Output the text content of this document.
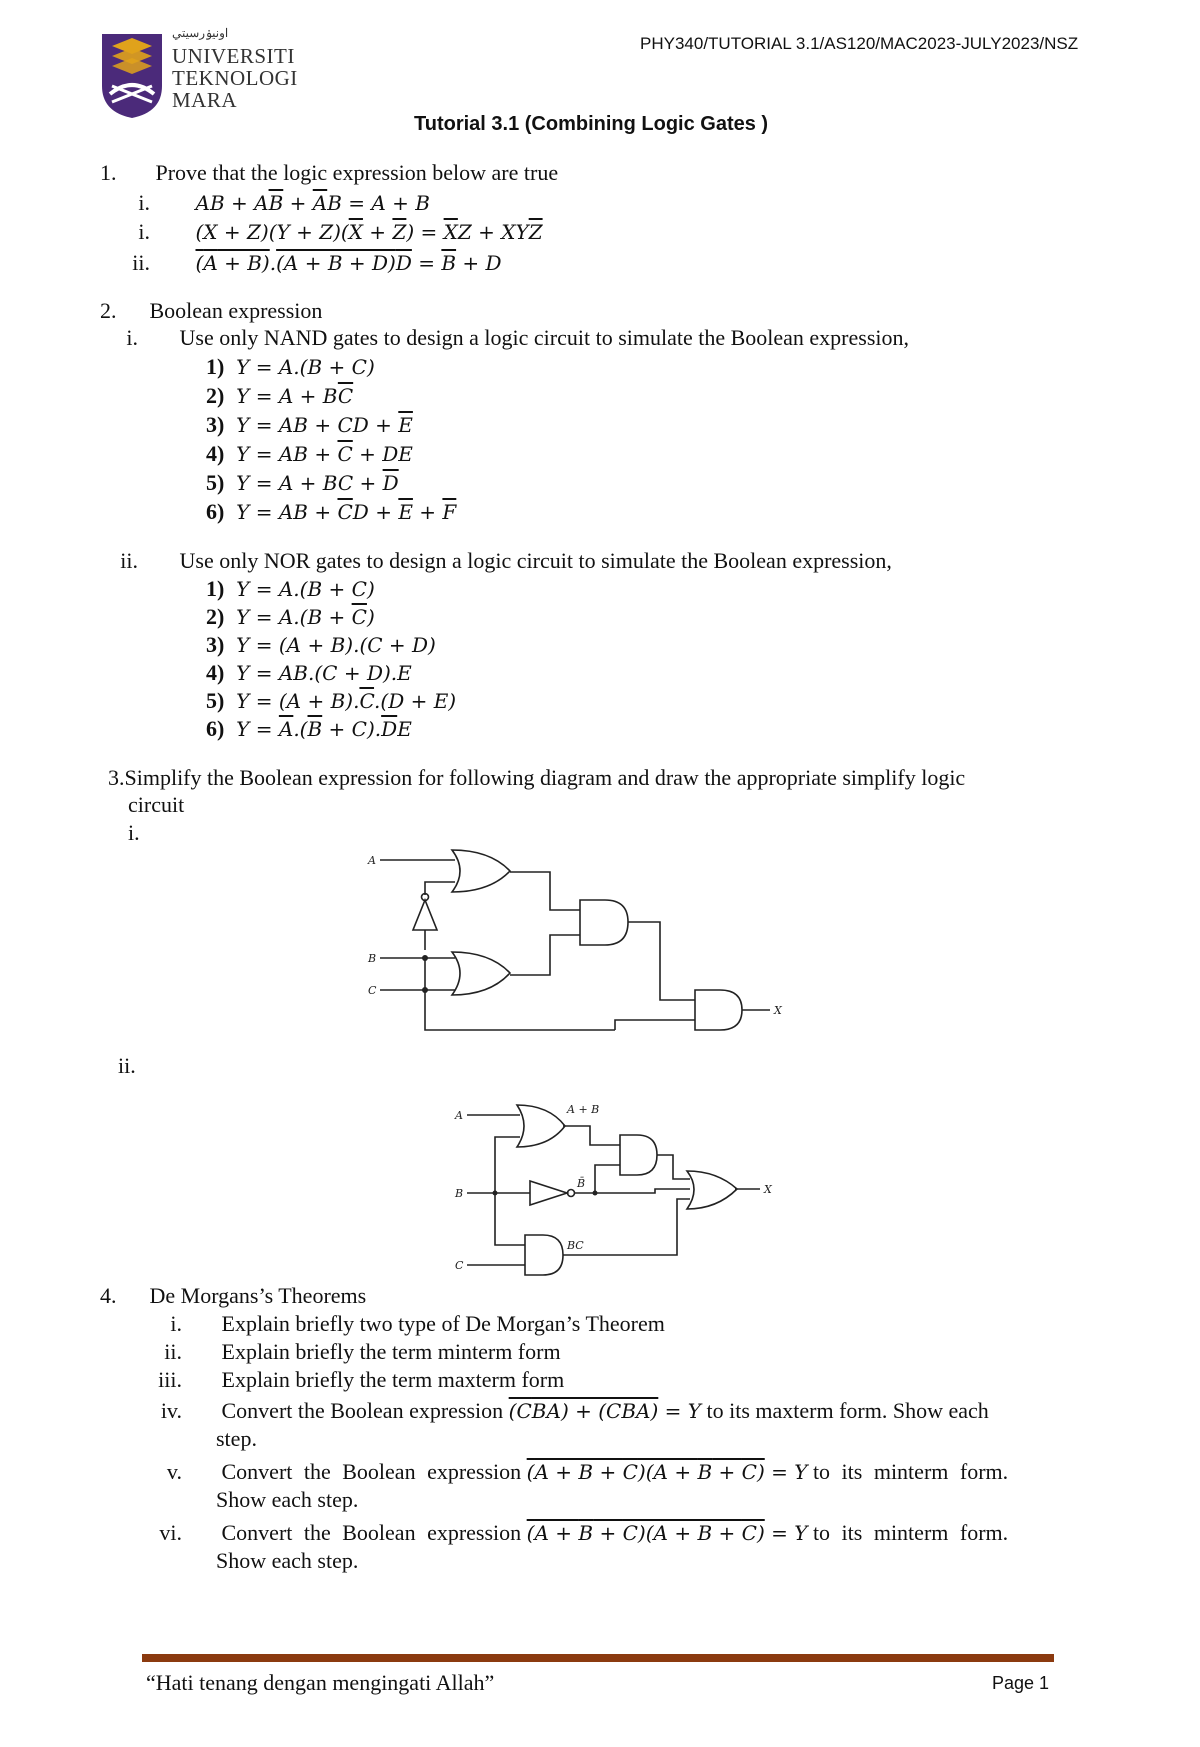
اونيۏرسيتي
UNIVERSITI
TEKNOLOGI
MARA
PHY340/TUTORIAL 3.1/AS120/MAC2023-JULY2023/NSZ
Tutorial 3.1 (Combining Logic Gates )
1. Prove that the logic expression below are true
i. AB + $A\overline{B} + \overline{A}B = A + B$
i. $(X + Z)(Y + Z)(\overline{X} + \overline{Z}) = \overline{X}Z + XY\overline{Z}$
ii. $(A + B).(A + B + D)\overline{D} = \overline{B} + D$
2. Boolean expression
i. Use only NAND gates to design a logic circuit to simulate the Boolean expression,
1)  Y = A.(B + C)
2)  $Y = A + B\overline{C}$
3)  Y = AB + CD + $\overline{E}$
4)  Y = AB + $\overline{C}$ + DE
5)  Y = A + BC + $\overline{D}$
6)  Y = AB + $\overline{C}D + \overline{E} + \overline{F}$
ii. Use only NOR gates to design a logic circuit to simulate the Boolean expression,
1)  Y = A.(B + C)
2)  $Y = A.(B + \overline{C})$
3)  Y = (A + B).(C + D)
4)  Y = AB.(C + D).E
5)  $Y = (A + B).\overline{C}.(D + E)$
6)  $Y = \overline{A}.(\overline{B} + C).\overline{D}E$
3.Simplify the Boolean expression for following diagram and draw the appropriate simplify logic
circuit
i.
A
B
C
X
ii.
A
B
C
X
A + B
B̄
BC
4. De Morgans’s Theorems
i. Explain briefly two type of De Morgan’s Theorem
ii. Explain briefly the term minterm form
iii. Explain briefly the term maxterm form
iv. Convert the Boolean expression (CBA) + (CBA) = Y to its maxterm form. Show each
step.
v. Convert the Boolean expression (A + B + C)(A + B + C) = Y to its minterm form.
Show each step.
vi. Convert the Boolean expression (A + B + C)(A + B + C) = Y to its minterm form.
Show each step.
“Hati tenang dengan mengingati Allah”	Page 1
